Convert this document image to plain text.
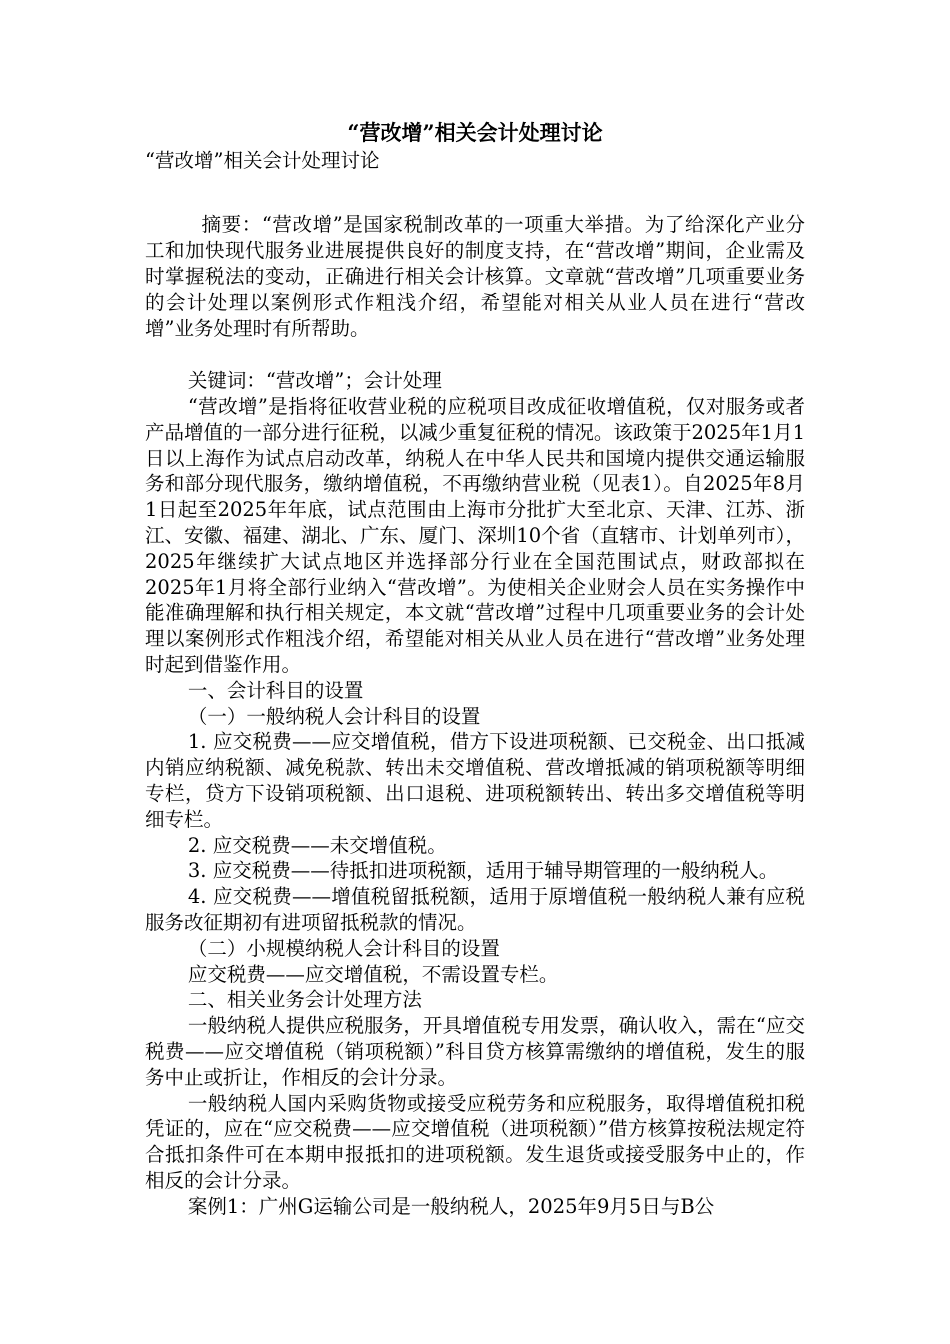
“营改增”相关会计处理讨论

“营改增”相关会计处理讨论

摘要：“营改增”是国家税制改革的一项重大举措。为了给深化产业分工和加快现代服务业进展提供良好的制度支持，在“营改增”期间，企业需及时掌握税法的变动，正确进行相关会计核算。文章就“营改增”几项重要业务的会计处理以案例形式作粗浅介绍，希望能对相关从业人员在进行“营改增”业务处理时有所帮助。

关键词：“营改增”；会计处理

“营改增”是指将征收营业税的应税项目改成征收增值税，仅对服务或者产品增值的一部分进行征税，以减少重复征税的情况。该政策于2025年1月1日以上海作为试点启动改革，纳税人在中华人民共和国境内提供交通运输服务和部分现代服务，缴纳增值税，不再缴纳营业税（见表1）。自2025年8月1日起至2025年年底，试点范围由上海市分批扩大至北京、天津、江苏、浙江、安徽、福建、湖北、广东、厦门、深圳10个省（直辖市、计划单列市），2025年继续扩大试点地区并选择部分行业在全国范围试点，财政部拟在2025年1月将全部行业纳入“营改增”。为使相关企业财会人员在实务操作中能准确理解和执行相关规定，本文就“营改增”过程中几项重要业务的会计处理以案例形式作粗浅介绍，希望能对相关从业人员在进行“营改增”业务处理时起到借鉴作用。

一、会计科目的设置

（一）一般纳税人会计科目的设置

1. 应交税费——应交增值税，借方下设进项税额、已交税金、出口抵减内销应纳税额、减免税款、转出未交增值税、营改增抵减的销项税额等明细专栏，贷方下设销项税额、出口退税、进项税额转出、转出多交增值税等明细专栏。

2. 应交税费——未交增值税。

3. 应交税费——待抵扣进项税额，适用于辅导期管理的一般纳税人。

4. 应交税费——增值税留抵税额，适用于原增值税一般纳税人兼有应税服务改征期初有进项留抵税款的情况。

（二）小规模纳税人会计科目的设置

应交税费——应交增值税，不需设置专栏。

二、相关业务会计处理方法

一般纳税人提供应税服务，开具增值税专用发票，确认收入，需在“应交税费——应交增值税（销项税额）”科目贷方核算需缴纳的增值税，发生的服务中止或折让，作相反的会计分录。

一般纳税人国内采购货物或接受应税劳务和应税服务，取得增值税扣税凭证的，应在“应交税费——应交增值税（进项税额）”借方核算按税法规定符合抵扣条件可在本期申报抵扣的进项税额。发生退货或接受服务中止的，作相反的会计分录。

案例1：广州G运输公司是一般纳税人，2025年9月5日与B公
